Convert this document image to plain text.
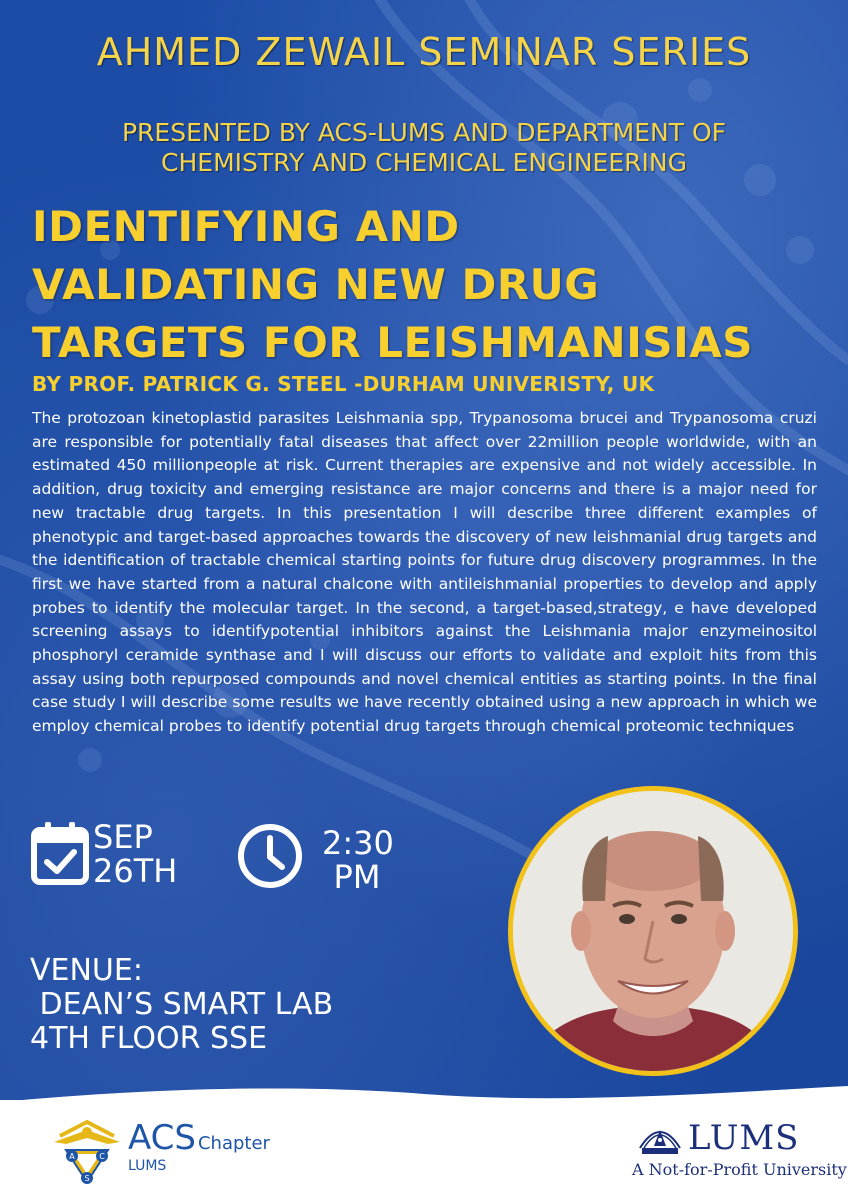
AHMED ZEWAIL SEMINAR SERIES
PRESENTED BY ACS-LUMS AND DEPARTMENT OF
CHEMISTRY AND CHEMICAL ENGINEERING
IDENTIFYING AND
VALIDATING NEW DRUG
TARGETS FOR LEISHMANISIAS
BY PROF. PATRICK G. STEEL -DURHAM UNIVERISTY, UK
The protozoan kinetoplastid parasites Leishmania spp, Trypanosoma brucei and Trypanosoma cruzi are responsible for potentially fatal diseases that affect over 22million people worldwide, with an estimated 450 millionpeople at risk. Current therapies are expensive and not widely accessible. In addition, drug toxicity and emerging resistance are major concerns and there is a major need for new tractable drug targets. In this presentation I will describe three different examples of phenotypic and target-based approaches towards the discovery of new leishmanial drug targets and the identification of tractable chemical starting points for future drug discovery programmes. In the first we have started from a natural chalcone with antileishmanial properties to develop and apply probes to identify the molecular target. In the second, a target-based,strategy, e have developed screening assays to identifypotential inhibitors against the Leishmania major enzymeinositol phosphoryl ceramide synthase and I will discuss our efforts to validate and exploit hits from this assay using both repurposed compounds and novel chemical entities as starting points. In the final case study I will describe some results we have recently obtained using a new approach in which we employ chemical probes to identify potential drug targets through chemical proteomic techniques
SEP
26TH
2:30
PM
VENUE:
DEAN’S SMART LAB
4TH FLOOR SSE
A	C
S
ACS Chapter
LUMS
LUMS
A Not-for-Profit University
